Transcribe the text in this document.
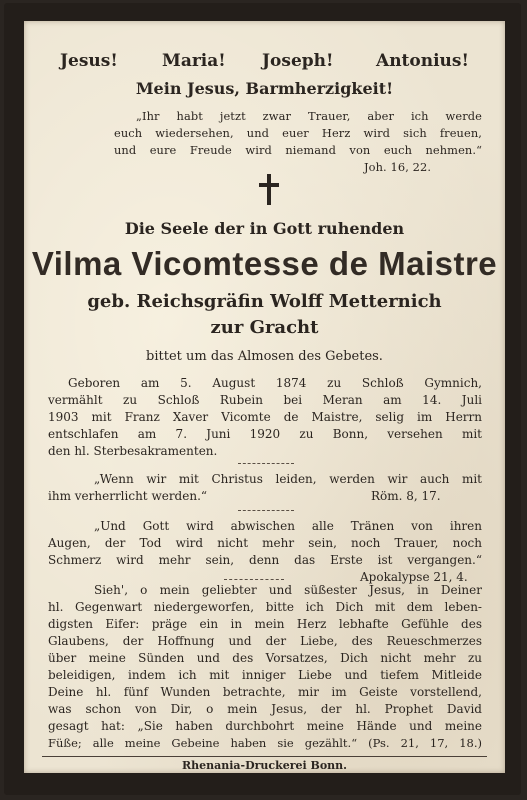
Jesus!	Maria! Joseph!	Antonius!
Mein Jesus, Barmherzigkeit!
„Ihr habt jetzt zwar Trauer, aber ich werde
euch wiedersehen, und euer Herz wird sich freuen,
und eure Freude wird niemand von euch nehmen.“
Joh. 16, 22.
Die Seele der in Gott ruhenden
Vilma Vicomtesse de Maistre
geb. Reichsgräfin Wolff Metternich
zur Gracht
bittet um das Almosen des Gebetes.
Geboren am 5. August 1874 zu Schloß Gymnich,
vermählt zu Schloß Rubein bei Meran am 14. Juli
1903 mit Franz Xaver Vicomte de Maistre, selig im Herrn
entschlafen am 7. Juni 1920 zu Bonn, versehen mit
den hl. Sterbesakramenten.
„Wenn wir mit Christus leiden, werden wir auch mit
ihm verherrlicht werden.“	Röm. 8, 17.
„Und Gott wird abwischen alle Tränen von ihren
Augen, der Tod wird nicht mehr sein, noch Trauer, noch
Schmerz wird mehr sein, denn das Erste ist vergangen.“
Apokalypse 21, 4.
Sieh', o mein geliebter und süßester Jesus, in Deiner
hl. Gegenwart niedergeworfen, bitte ich Dich mit dem leben-
digsten Eifer: präge ein in mein Herz lebhafte Gefühle des
Glaubens, der Hoffnung und der Liebe, des Reueschmerzes
über meine Sünden und des Vorsatzes, Dich nicht mehr zu
beleidigen, indem ich mit inniger Liebe und tiefem Mitleide
Deine hl. fünf Wunden betrachte, mir im Geiste vorstellend,
was schon von Dir, o mein Jesus, der hl. Prophet David
gesagt hat: „Sie haben durchbohrt meine Hände und meine
Füße; alle meine Gebeine haben sie gezählt.“ (Ps. 21, 17, 18.)
Rhenania-Druckerei Bonn.
